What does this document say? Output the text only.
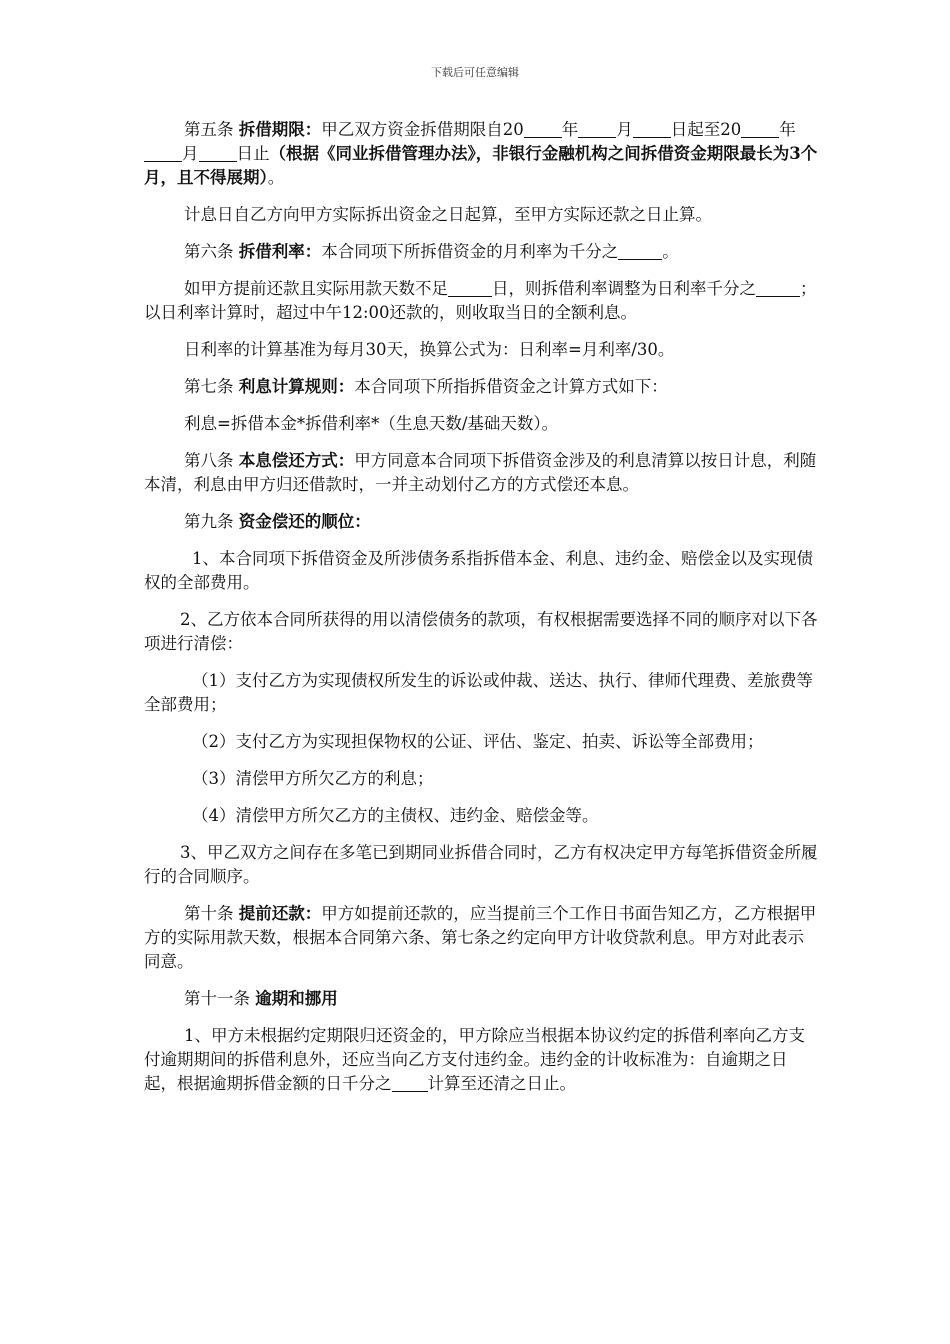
下载后可任意编辑

第五条 拆借期限：甲乙双方资金拆借期限自20 年 月 日起至20 年月 日止（根据《同业拆借管理办法》，非银行金融机构之间拆借资金期限最长为3个月，且不得展期）。

计息日自乙方向甲方实际拆出资金之日起算，至甲方实际还款之日止算。

第六条 拆借利率：本合同项下所拆借资金的月利率为千分之	。

如甲方提前还款且实际用款天数不足	日，则拆借利率调整为日利率千分之	；以日利率计算时，超过中午12:00还款的，则收取当日的全额利息。

日利率的计算基准为每月30天，换算公式为：日利率=月利率/30。

第七条 利息计算规则：本合同项下所指拆借资金之计算方式如下：

利息=拆借本金*拆借利率*（生息天数/基础天数）。

第八条 本息偿还方式：甲方同意本合同项下拆借资金涉及的利息清算以按日计息，利随本清，利息由甲方归还借款时，一并主动划付乙方的方式偿还本息。

第九条 资金偿还的顺位：

1、本合同项下拆借资金及所涉债务系指拆借本金、利息、违约金、赔偿金以及实现债权的全部费用。

2、乙方依本合同所获得的用以清偿债务的款项，有权根据需要选择不同的顺序对以下各项进行清偿：

（1）支付乙方为实现债权所发生的诉讼或仲裁、送达、执行、律师代理费、差旅费等全部费用；

（2）支付乙方为实现担保物权的公证、评估、鉴定、拍卖、诉讼等全部费用；

（3）清偿甲方所欠乙方的利息；

（4）清偿甲方所欠乙方的主债权、违约金、赔偿金等。

3、甲乙双方之间存在多笔已到期同业拆借合同时，乙方有权决定甲方每笔拆借资金所履行的合同顺序。

第十条 提前还款：甲方如提前还款的，应当提前三个工作日书面告知乙方，乙方根据甲方的实际用款天数，根据本合同第六条、第七条之约定向甲方计收贷款利息。甲方对此表示同意。

第十一条 逾期和挪用

1、甲方未根据约定期限归还资金的，甲方除应当根据本协议约定的拆借利率向乙方支付逾期期间的拆借利息外，还应当向乙方支付违约金。违约金的计收标准为：自逾期之日起，根据逾期拆借金额的日千分之 计算至还清之日止。
